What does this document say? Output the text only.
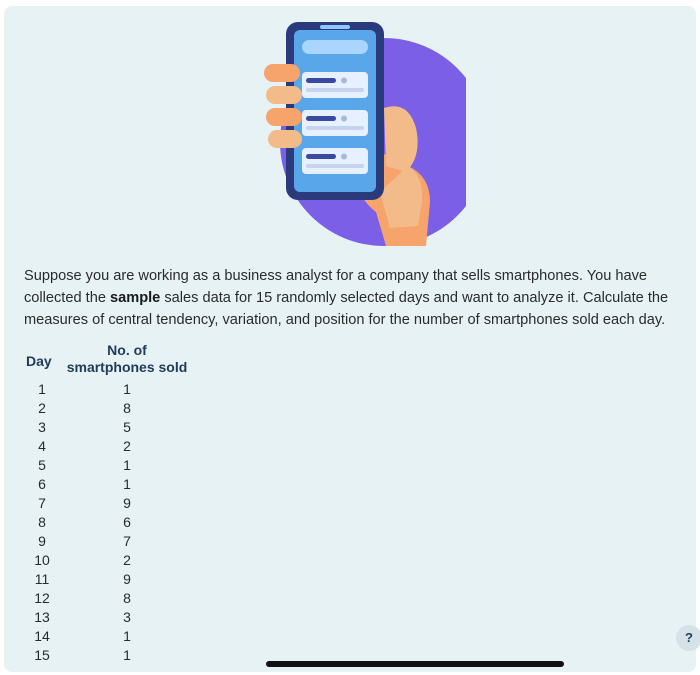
Suppose you are working as a business analyst for a company that sells smartphones. You have collected the sample sales data for 15 randomly selected days and want to analyze it. Calculate the measures of central tendency, variation, and position for the number of smartphones sold each day.

Day	No. of
smartphones sold
1	1
2	8
3	5
4	2
5	1
6	1
7	9
8	6
9	7
10	2
11	9
12	8
13	3
14	1
15	1
?
